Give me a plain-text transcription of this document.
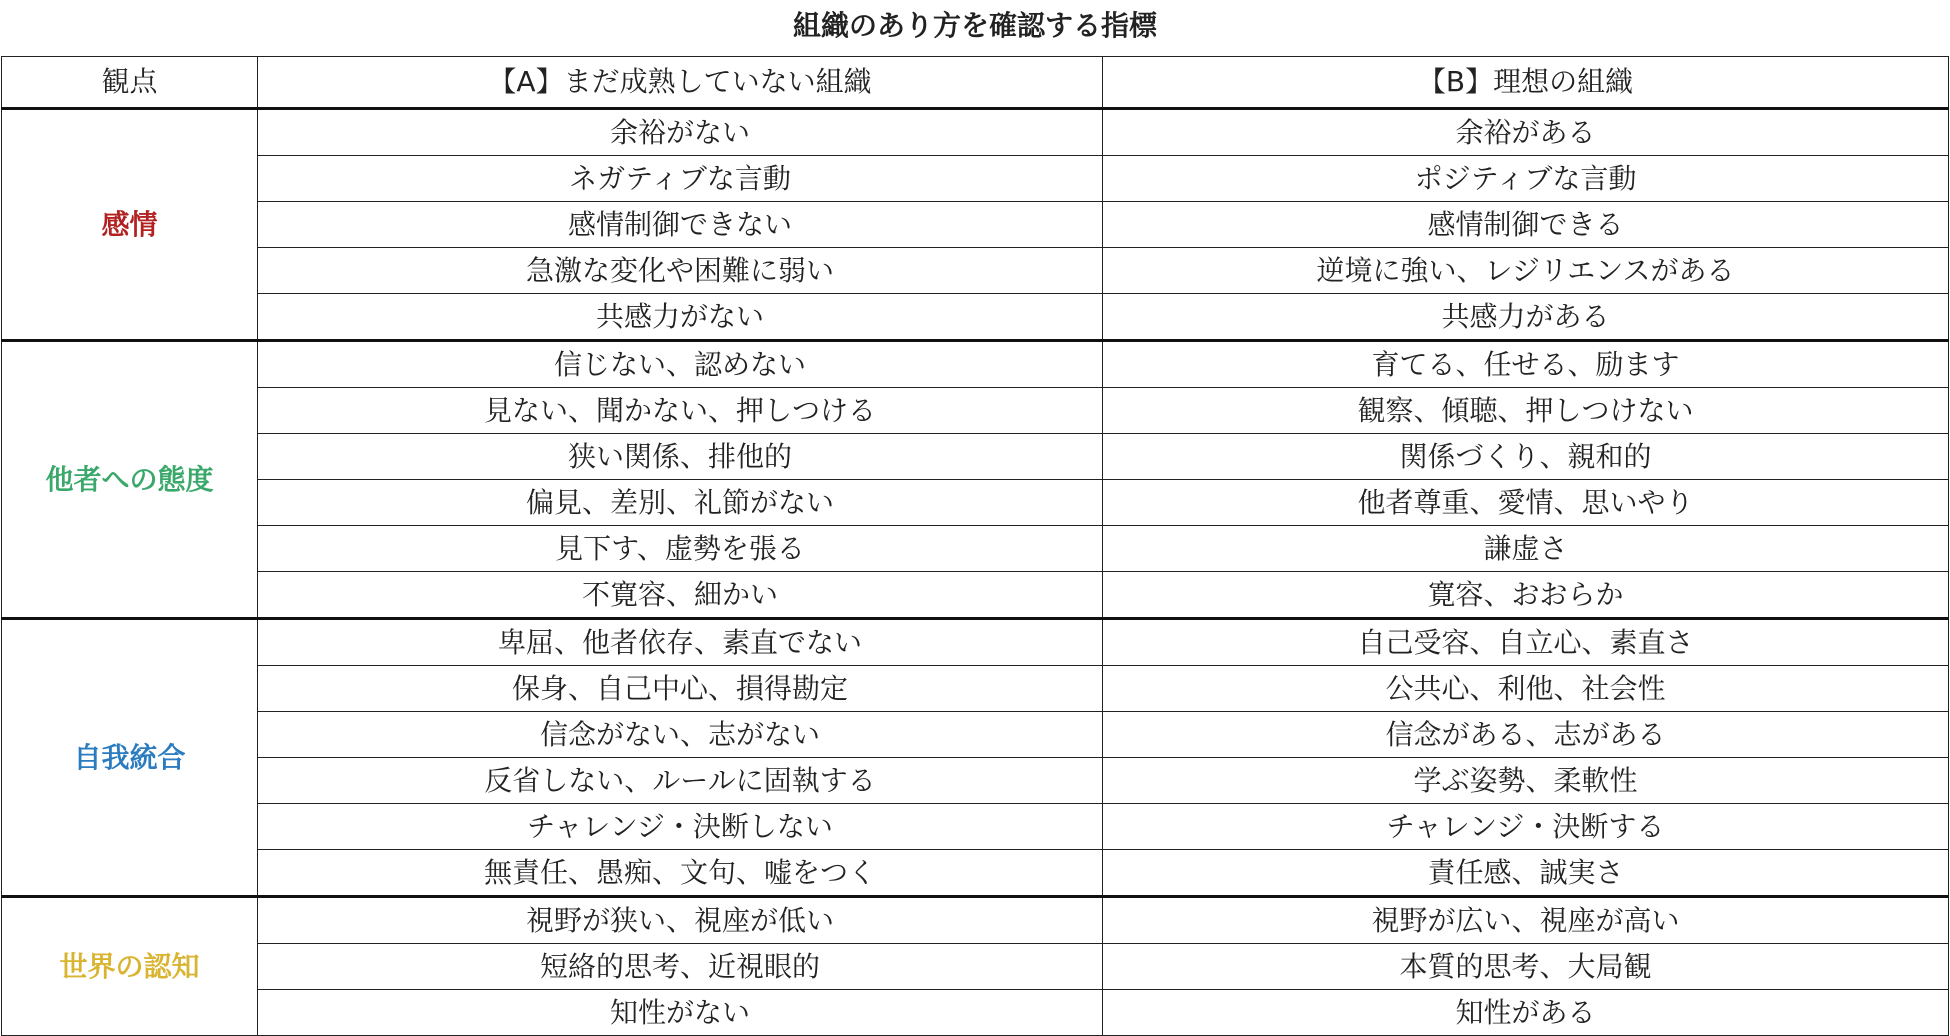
組織のあり方を確認する指標
観点	【A】まだ成熟していない組織	【B】理想の組織
感情	余裕がない	余裕がある
	ネガティブな言動	ポジティブな言動
	感情制御できない	感情制御できる
	急激な変化や困難に弱い	逆境に強い、レジリエンスがある
	共感力がない	共感力がある
他者への態度	信じない、認めない	育てる、任せる、励ます
	見ない、聞かない、押しつける	観察、傾聴、押しつけない
	狭い関係、排他的	関係づくり、親和的
	偏見、差別、礼節がない	他者尊重、愛情、思いやり
	見下す、虚勢を張る	謙虚さ
	不寛容、細かい	寛容、おおらか
自我統合	卑屈、他者依存、素直でない	自己受容、自立心、素直さ
	保身、自己中心、損得勘定	公共心、利他、社会性
	信念がない、志がない	信念がある、志がある
	反省しない、ルールに固執する	学ぶ姿勢、柔軟性
	チャレンジ・決断しない	チャレンジ・決断する
	無責任、愚痴、文句、嘘をつく	責任感、誠実さ
世界の認知	視野が狭い、視座が低い	視野が広い、視座が高い
	短絡的思考、近視眼的	本質的思考、大局観
	知性がない	知性がある
